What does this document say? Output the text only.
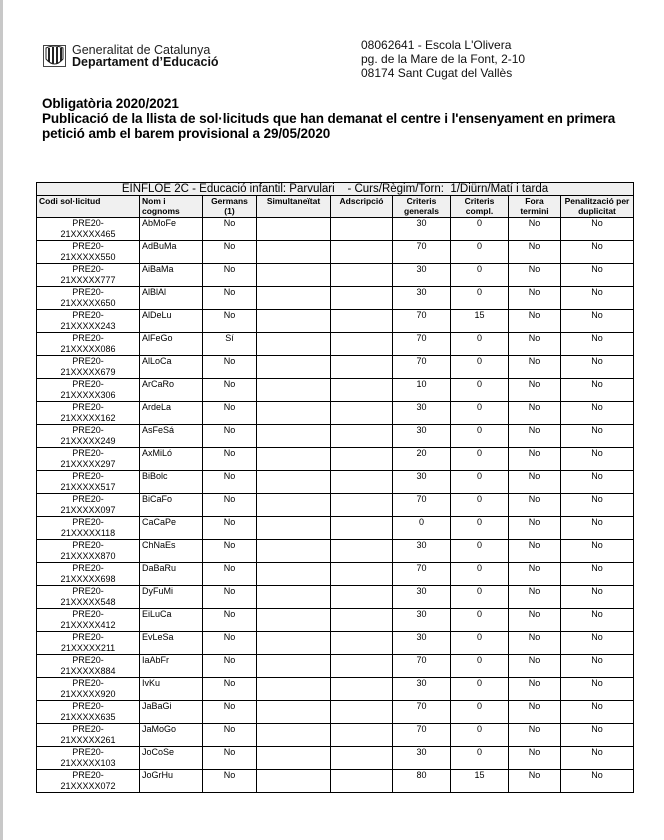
Generalitat de Catalunya
Departament d’Educació
08062641 - Escola L'Olivera
pg. de la Mare de la Font, 2-10
08174 Sant Cugat del Vallès
Obligatòria 2020/2021
Publicació de la llista de sol·licituds que han demanat el centre i l'ensenyament en primera
petició amb el barem provisional a 29/05/2020
EINFLOE 2C - Educació infantil: Parvulari    - Curs/Règim/Torn:  1/Diürn/Matí i tarda								
Codi sol·licitud	Nom i cognoms	Germans (1)	Simultaneïtat	Adscripció	Criteris generals	Criteris compl.	Fora termini	Penalització per duplicitat

PRE20-
21XXXXX465	AbMoFe	No			30	0	No	No

PRE20-
21XXXXX550	AdBuMa	No			70	0	No	No

PRE20-
21XXXXX777	AiBaMa	No			30	0	No	No

PRE20-
21XXXXX650	AlBlAl	No			30	0	No	No

PRE20-
21XXXXX243	AlDeLu	No			70	15	No	No

PRE20-
21XXXXX086	AlFeGo	Sí			70	0	No	No

PRE20-
21XXXXX679	AlLoCa	No			70	0	No	No

PRE20-
21XXXXX306	ArCaRo	No			10	0	No	No

PRE20-
21XXXXX162	ArdeLa	No			30	0	No	No

PRE20-
21XXXXX249	AsFeSá	No			30	0	No	No

PRE20-
21XXXXX297	AxMiLó	No			20	0	No	No

PRE20-
21XXXXX517	BiBolc	No			30	0	No	No

PRE20-
21XXXXX097	BiCaFo	No			70	0	No	No

PRE20-
21XXXXX118	CaCaPe	No			0	0	No	No

PRE20-
21XXXXX870	ChNaEs	No			30	0	No	No

PRE20-
21XXXXX698	DaBaRu	No			70	0	No	No

PRE20-
21XXXXX548	DyFuMi	No			30	0	No	No

PRE20-
21XXXXX412	EiLuCa	No			30	0	No	No

PRE20-
21XXXXX211	EvLeSa	No			30	0	No	No

PRE20-
21XXXXX884	IaAbFr	No			70	0	No	No

PRE20-
21XXXXX920	IvKu	No			30	0	No	No

PRE20-
21XXXXX635	JaBaGi	No			70	0	No	No

PRE20-
21XXXXX261	JaMoGo	No			70	0	No	No

PRE20-
21XXXXX103	JoCoSe	No			30	0	No	No

PRE20-
21XXXXX072	JoGrHu	No			80	15	No	No
